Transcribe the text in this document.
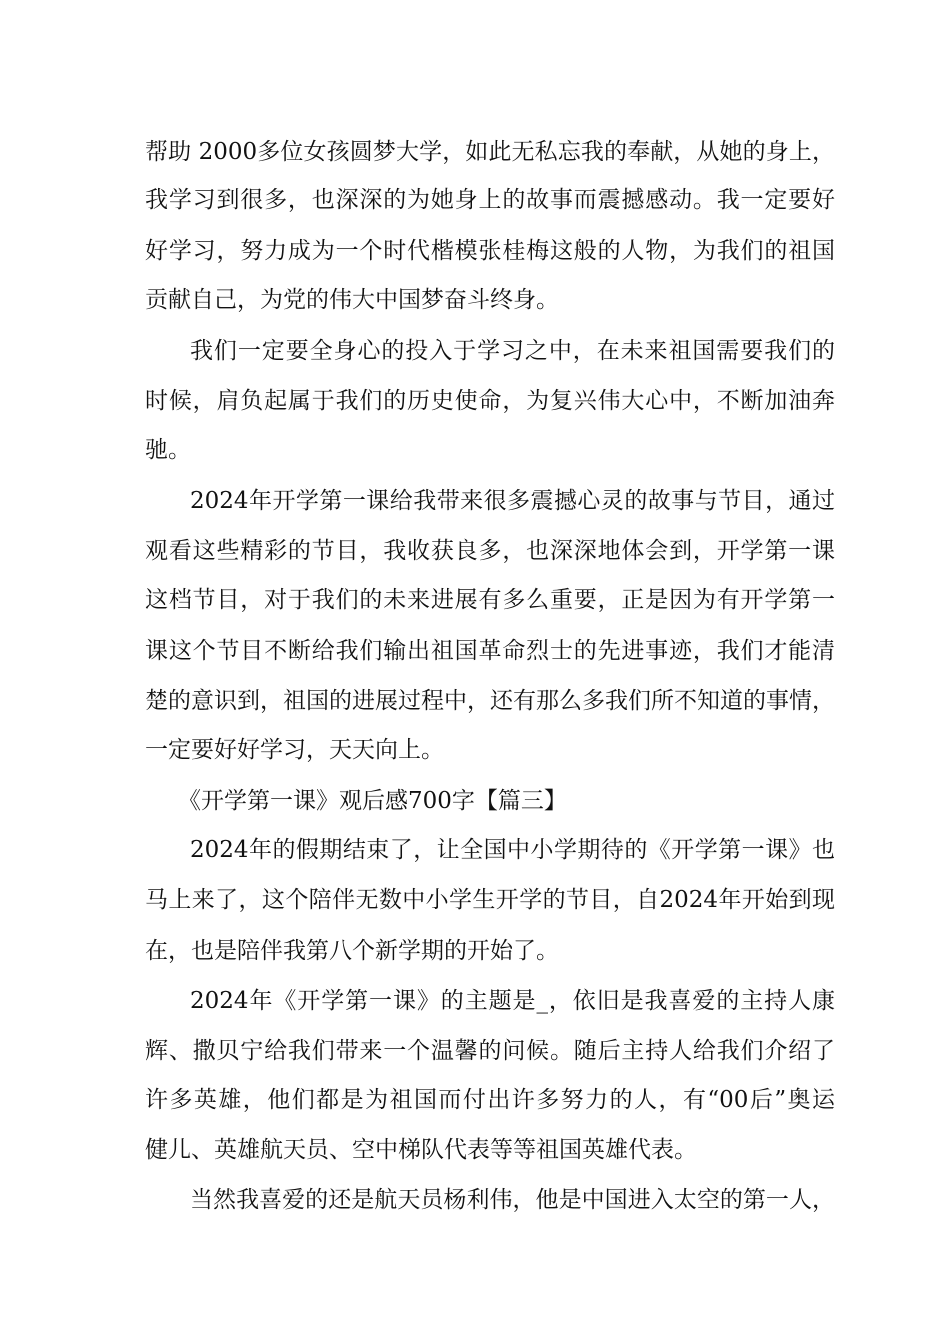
帮助 2000多位女孩圆梦大学，如此无私忘我的奉献，从她的身上，

我学习到很多，也深深的为她身上的故事而震撼感动。我一定要好

好学习，努力成为一个时代楷模张桂梅这般的人物，为我们的祖国

贡献自己，为党的伟大中国梦奋斗终身。

我们一定要全身心的投入于学习之中，在未来祖国需要我们的

时候，肩负起属于我们的历史使命，为复兴伟大心中，不断加油奔

驰。

2024年开学第一课给我带来很多震撼心灵的故事与节目，通过

观看这些精彩的节目，我收获良多，也深深地体会到，开学第一课

这档节目，对于我们的未来进展有多么重要，正是因为有开学第一

课这个节目不断给我们输出祖国革命烈士的先进事迹，我们才能清

楚的意识到，祖国的进展过程中，还有那么多我们所不知道的事情，

一定要好好学习，天天向上。

《开学第一课》观后感700字【篇三】

2024年的假期结束了，让全国中小学期待的《开学第一课》也

马上来了，这个陪伴无数中小学生开学的节目，自2024年开始到现

在，也是陪伴我第八个新学期的开始了。

2024年《开学第一课》的主题是_，依旧是我喜爱的主持人康

辉、撒贝宁给我们带来一个温馨的问候。随后主持人给我们介绍了

许多英雄，他们都是为祖国而付出许多努力的人，有“00后”奥运

健儿、英雄航天员、空中梯队代表等等祖国英雄代表。

当然我喜爱的还是航天员杨利伟，他是中国进入太空的第一人，
